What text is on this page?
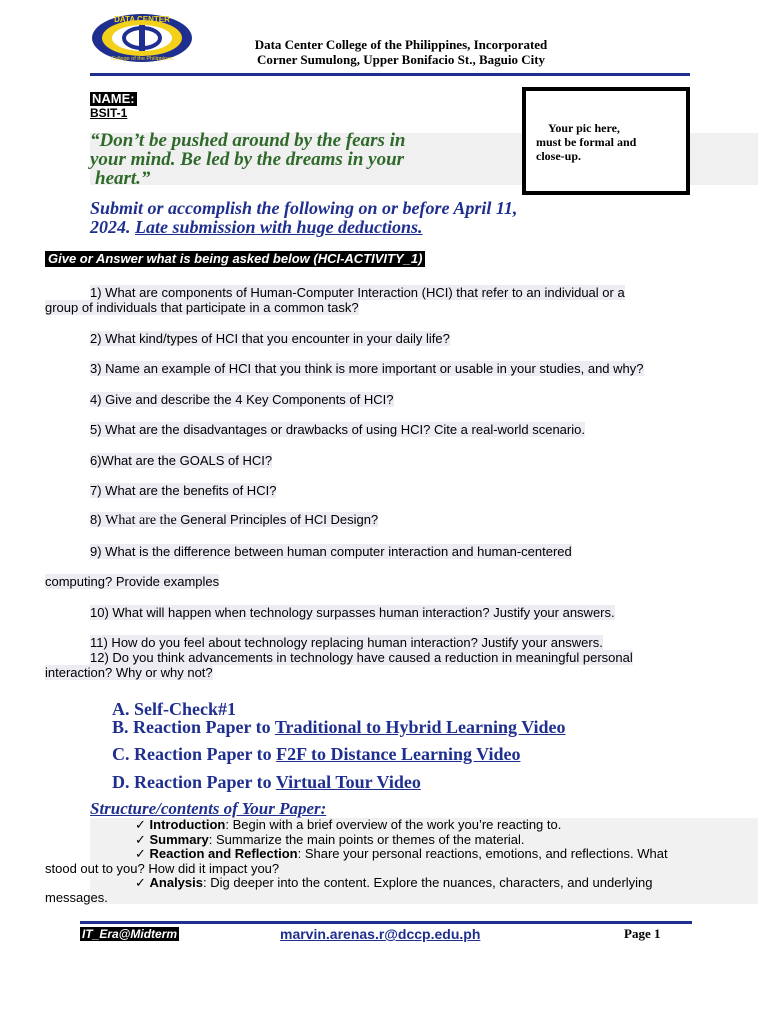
DATA CENTER
College of the Philippines
Data Center College of the Philippines, Incorporated
Corner Sumulong, Upper Bonifacio St., Baguio City
NAME:
BSIT-1
Your pic here,
must be formal and
close-up.
“Don’t be pushed around by the fears in
your mind. Be led by the dreams in your
heart.”
Submit or accomplish the following on or before April 11,
2024. Late submission with huge deductions.
Give or Answer what is being asked below (HCI-ACTIVITY_1)
1) What are components of Human-Computer Interaction (HCI) that refer to an individual or a
group of individuals that participate in a common task?
2) What kind/types of HCI that you encounter in your daily life?
3) Name an example of HCI that you think is more important or usable in your studies, and why?
4) Give and describe the 4 Key Components of HCI?
5) What are the disadvantages or drawbacks of using HCI? Cite a real-world scenario.
6)What are the GOALS of HCI?
7) What are the benefits of HCI?
8) What are the General Principles of HCI Design?
9) What is the difference between human computer interaction and human-centered
computing? Provide examples
10) What will happen when technology surpasses human interaction? Justify your answers.
11) How do you feel about technology replacing human interaction? Justify your answers.
12) Do you think advancements in technology have caused a reduction in meaningful personal
interaction? Why or why not?
A. Self-Check#1
B. Reaction Paper to Traditional to Hybrid Learning Video
C. Reaction Paper to F2F to Distance Learning Video
D. Reaction Paper to Virtual Tour Video
Structure/contents of Your Paper:
✓ Introduction: Begin with a brief overview of the work you’re reacting to.
✓ Summary: Summarize the main points or themes of the material.
✓ Reaction and Reflection: Share your personal reactions, emotions, and reflections. What
stood out to you? How did it impact you?
✓ Analysis: Dig deeper into the content. Explore the nuances, characters, and underlying
messages.
IT_Era@Midterm	marvin.arenas.r@dccp.edu.ph	Page 1
